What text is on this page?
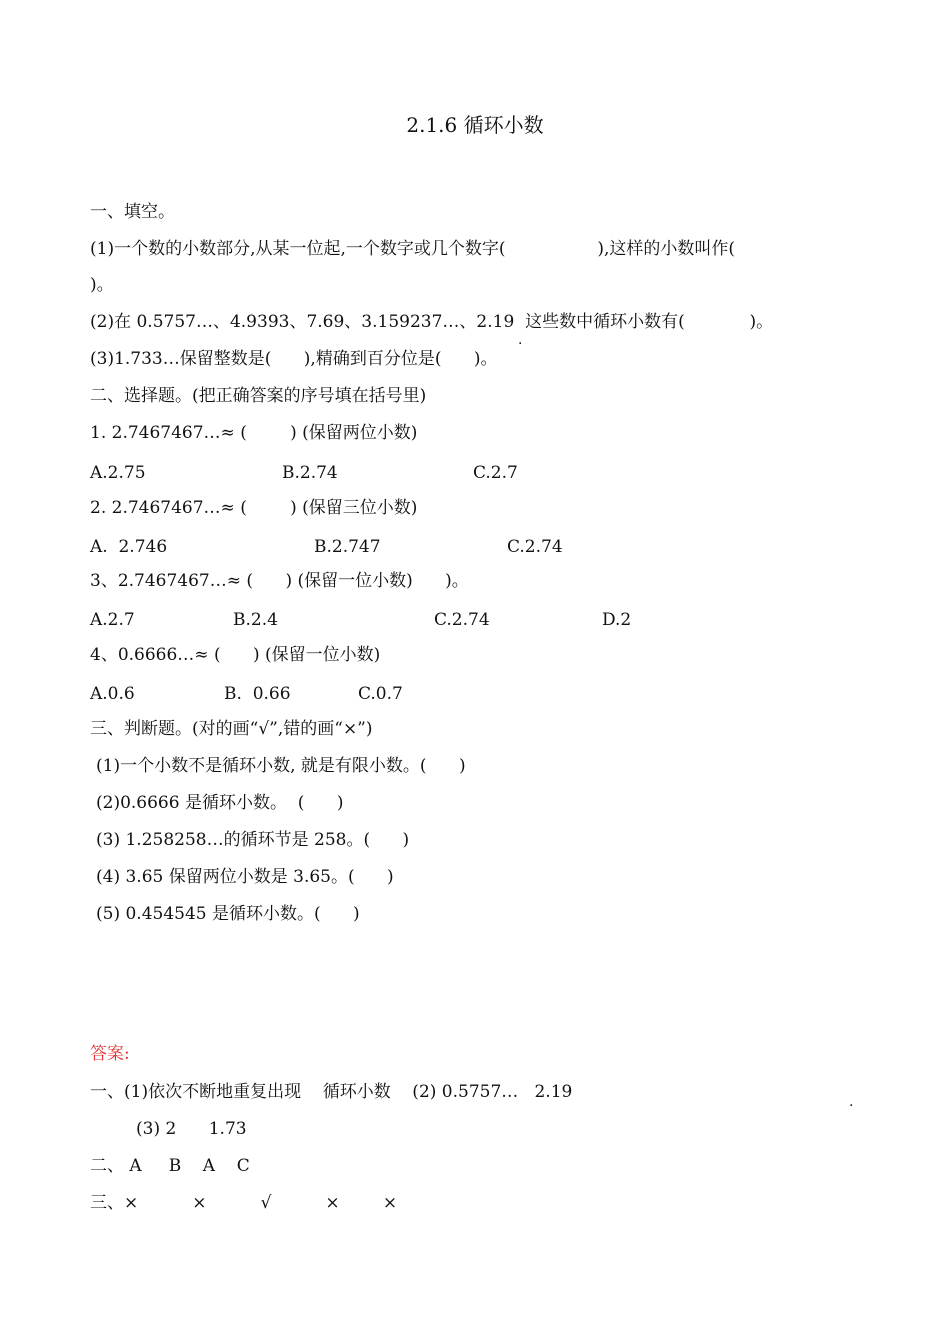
2.1.6 循环小数
一、填空。
(1)一个数的小数部分,从某一位起,一个数字或几个数字(                 ),这样的小数叫作(
)。
(2)在 0.5757…、4.9393、7.69、3.159237…、2.19  这些数中循环小数有(            )。
(3)1.733…保留整数是(      ),精确到百分位是(      )。
·
二、选择题。(把正确答案的序号填在括号里)
1. 2.7467467…≈ (        ) (保留两位小数)
A.2.75	B.2.74	C.2.7
2. 2.7467467…≈ (        ) (保留三位小数)
A.  2.746	B.2.747	C.2.74
3、2.7467467…≈ (      ) (保留一位小数)      )。
A.2.7	B.2.4	C.2.74	D.2
4、0.6666…≈ (      ) (保留一位小数)
A.0.6	B.  0.66	C.0.7
三、判断题。(对的画“√”,错的画“×”)
(1)一个小数不是循环小数, 就是有限小数。(      )
(2)0.6666 是循环小数。  (      )
(3) 1.258258…的循环节是 258。(      )
(4) 3.65 保留两位小数是 3.65。(      )
(5) 0.454545 是循环小数。(      )
答案:
一、(1)依次不断地重复出现    循环小数    (2) 0.5757…   2.19
(3) 2      1.73
二、 A     B    A    C
三、×          ×          √          ×        ×
.
